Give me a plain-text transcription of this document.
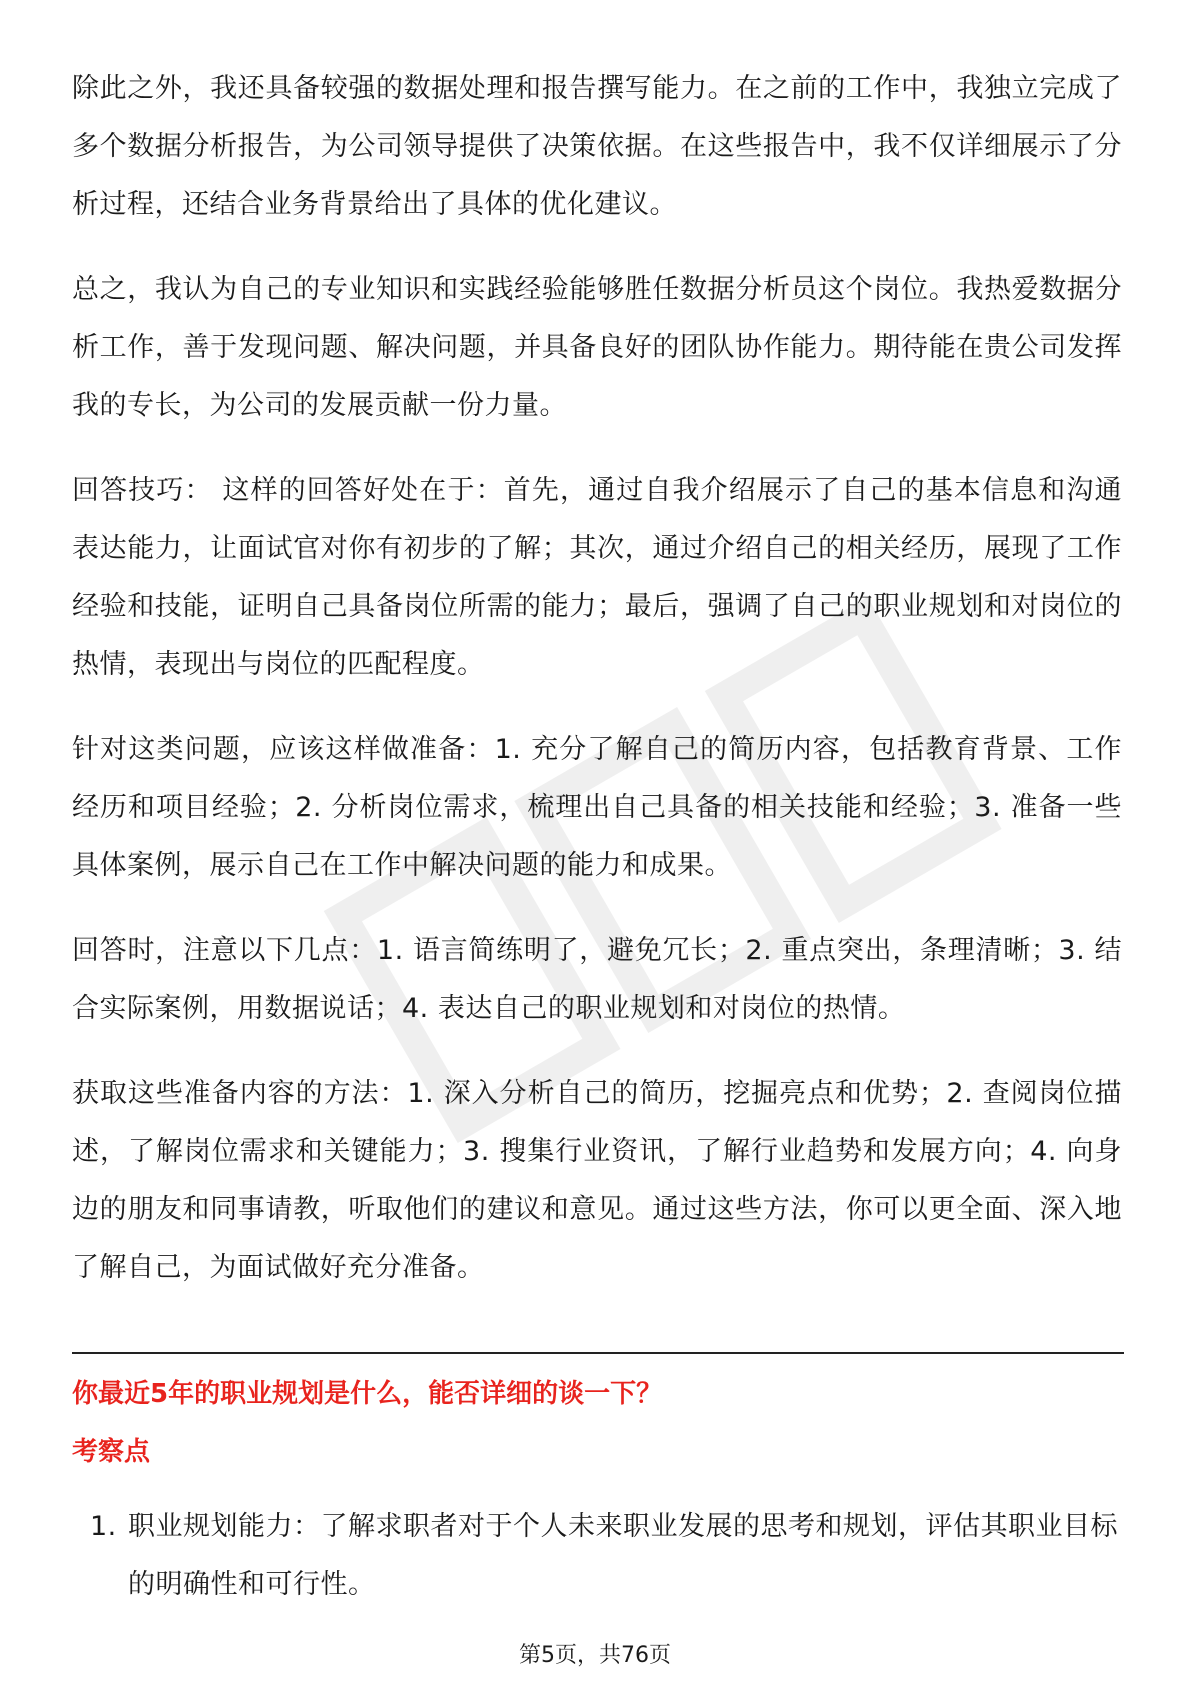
除此之外，我还具备较强的数据处理和报告撰写能力。在之前的工作中，我独立完成了多个数据分析报告，为公司领导提供了决策依据。在这些报告中，我不仅详细展示了分析过程，还结合业务背景给出了具体的优化建议。

总之，我认为自己的专业知识和实践经验能够胜任数据分析员这个岗位。我热爱数据分析工作，善于发现问题、解决问题，并具备良好的团队协作能力。期待能在贵公司发挥我的专长，为公司的发展贡献一份力量。

回答技巧： 这样的回答好处在于：首先，通过自我介绍展示了自己的基本信息和沟通表达能力，让面试官对你有初步的了解；其次，通过介绍自己的相关经历，展现了工作经验和技能，证明自己具备岗位所需的能力；最后，强调了自己的职业规划和对岗位的热情，表现出与岗位的匹配程度。

针对这类问题，应该这样做准备：1. 充分了解自己的简历内容，包括教育背景、工作经历和项目经验；2. 分析岗位需求，梳理出自己具备的相关技能和经验；3. 准备一些具体案例，展示自己在工作中解决问题的能力和成果。

回答时，注意以下几点：1. 语言简练明了，避免冗长；2. 重点突出，条理清晰；3. 结合实际案例，用数据说话；4. 表达自己的职业规划和对岗位的热情。

获取这些准备内容的方法：1. 深入分析自己的简历，挖掘亮点和优势；2. 查阅岗位描述，了解岗位需求和关键能力；3. 搜集行业资讯，了解行业趋势和发展方向；4. 向身边的朋友和同事请教，听取他们的建议和意见。通过这些方法，你可以更全面、深入地了解自己，为面试做好充分准备。

你最近5年的职业规划是什么，能否详细的谈一下？
考察点
1. 职业规划能力：了解求职者对于个人未来职业发展的思考和规划，评估其职业目标的明确性和可行性。
第5页，共76页
